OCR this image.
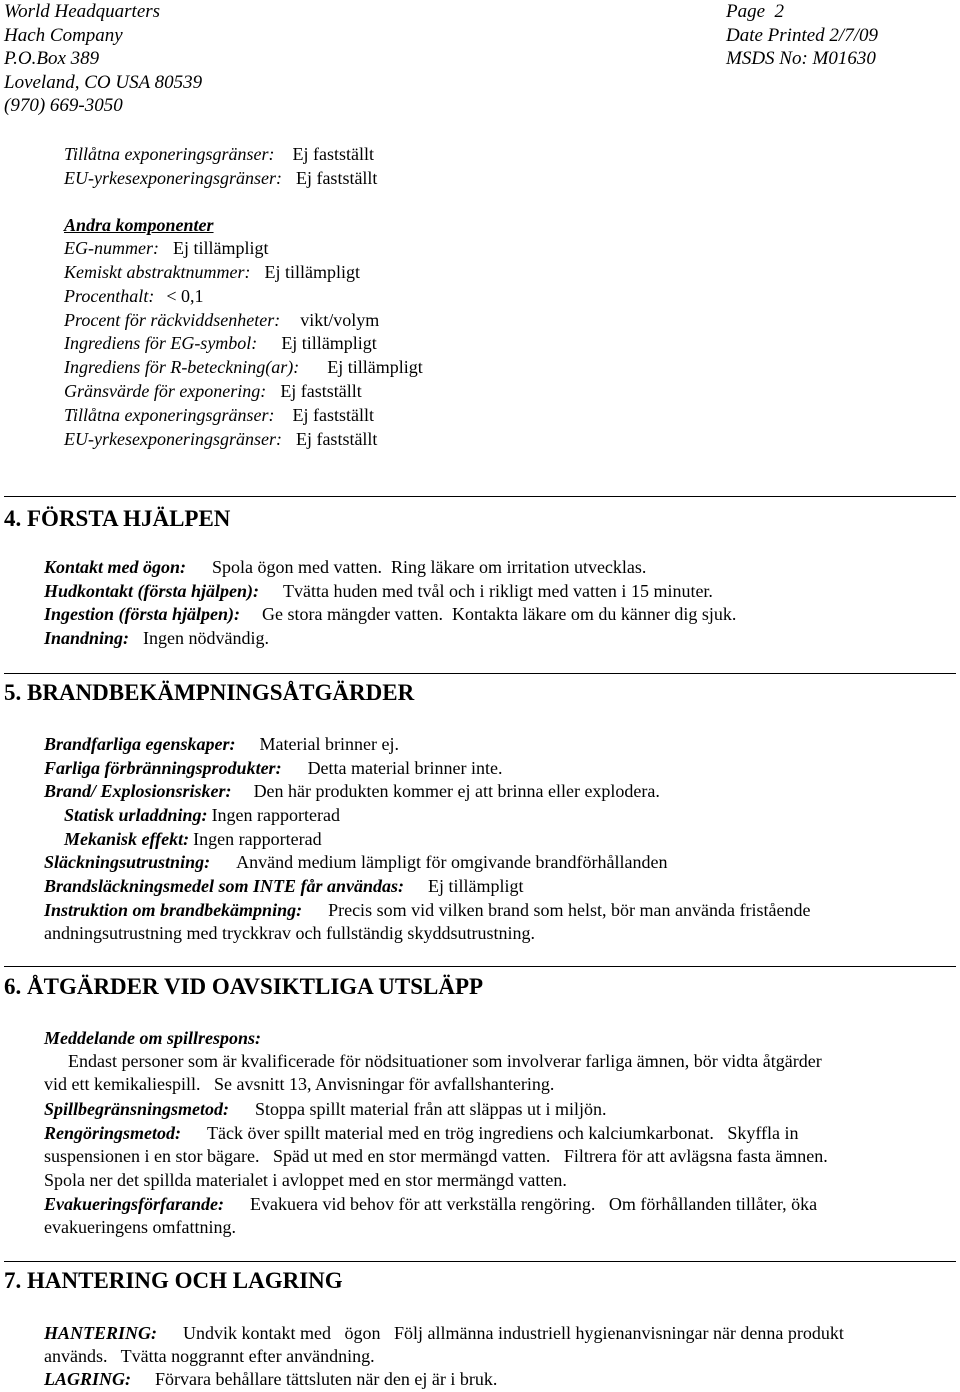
World Headquarters
Hach Company
P.O.Box 389
Loveland, CO USA 80539
(970) 669-3050
Page  2
Date Printed 2/7/09
MSDS No: M01630
Tillåtna exponeringsgränser: Ej fastställt
EU-yrkesexponeringsgränser: Ej fastställt
Andra komponenter
EG-nummer: Ej tillämpligt
Kemiskt abstraktnummer: Ej tillämpligt
Procenthalt: < 0,1
Procent för räckviddsenheter: vikt/volym
Ingrediens för EG-symbol: Ej tillämpligt
Ingrediens för R-beteckning(ar): Ej tillämpligt
Gränsvärde för exponering: Ej fastställt
Tillåtna exponeringsgränser: Ej fastställt
EU-yrkesexponeringsgränser: Ej fastställt
4. FÖRSTA HJÄLPEN
Kontakt med ögon: Spola ögon med vatten.  Ring läkare om irritation utvecklas.
Hudkontakt (första hjälpen): Tvätta huden med tvål och i rikligt med vatten i 15 minuter.
Ingestion (första hjälpen): Ge stora mängder vatten.  Kontakta läkare om du känner dig sjuk.
Inandning: Ingen nödvändig.
5. BRANDBEKÄMPNINGSÅTGÄRDER
Brandfarliga egenskaper: Material brinner ej.
Farliga förbränningsprodukter: Detta material brinner inte.
Brand/ Explosionsrisker: Den här produkten kommer ej att brinna eller explodera.
Statisk urladdning: Ingen rapporterad
Mekanisk effekt: Ingen rapporterad
Släckningsutrustning: Använd medium lämpligt för omgivande brandförhållanden
Brandsläckningsmedel som INTE får användas: Ej tillämpligt
Instruktion om brandbekämpning: Precis som vid vilken brand som helst, bör man använda fristående
andningsutrustning med tryckkrav och fullständig skyddsutrustning.
6. ÅTGÄRDER VID OAVSIKTLIGA UTSLÄPP
Meddelande om spillrespons:
Endast personer som är kvalificerade för nödsituationer som involverar farliga ämnen, bör vidta åtgärder
vid ett kemikaliespill.   Se avsnitt 13, Anvisningar för avfallshantering.
Spillbegränsningsmetod: Stoppa spillt material från att släppas ut i miljön.
Rengöringsmetod: Täck över spillt material med en trög ingrediens och kalciumkarbonat.   Skyffla in
suspensionen i en stor bägare.   Späd ut med en stor mermängd vatten.   Filtrera för att avlägsna fasta ämnen.
Spola ner det spillda materialet i avloppet med en stor mermängd vatten.
Evakueringsförfarande: Evakuera vid behov för att verkställa rengöring.   Om förhållanden tillåter, öka
evakueringens omfattning.
7. HANTERING OCH LAGRING
HANTERING: Undvik kontakt med   ögon   Följ allmänna industriell hygienanvisningar när denna produkt
används.   Tvätta noggrannt efter användning.
LAGRING: Förvara behållare tättsluten när den ej är i bruk.
